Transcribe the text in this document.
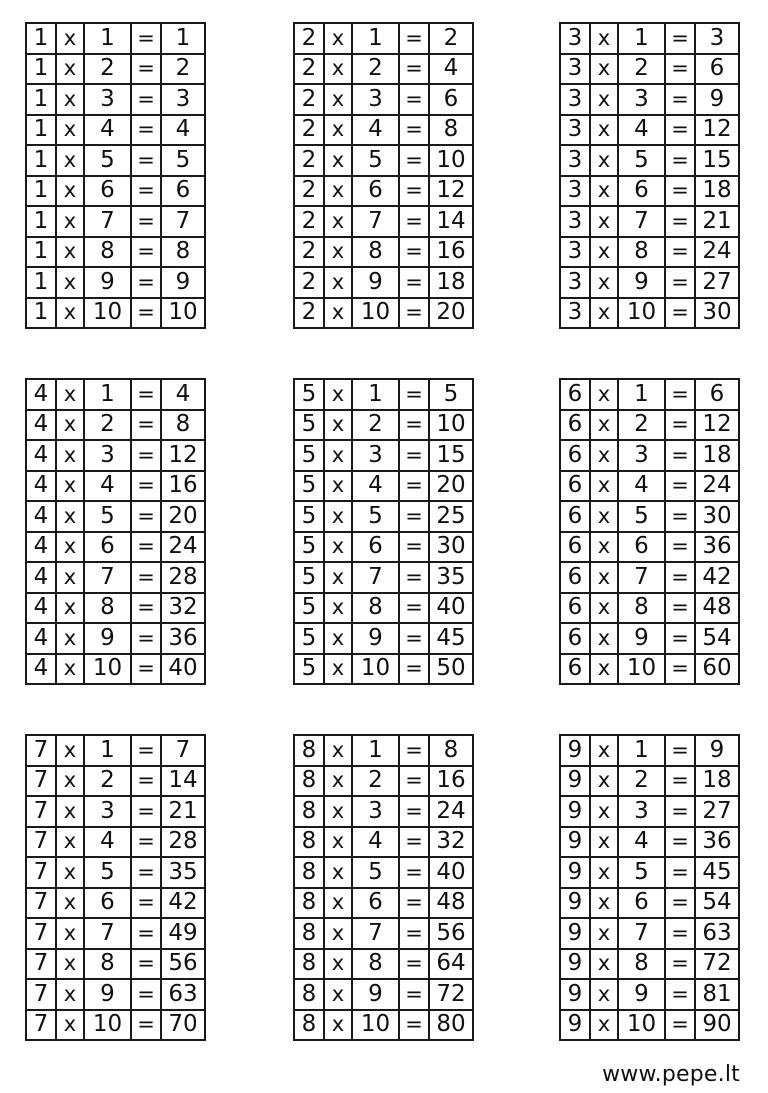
1	x	1	=	1
1	x	2	=	2
1	x	3	=	3
1	x	4	=	4
1	x	5	=	5
1	x	6	=	6
1	x	7	=	7
1	x	8	=	8
1	x	9	=	9
1	x	10	=	10
2	x	1	=	2
2	x	2	=	4
2	x	3	=	6
2	x	4	=	8
2	x	5	=	10
2	x	6	=	12
2	x	7	=	14
2	x	8	=	16
2	x	9	=	18
2	x	10	=	20
3	x	1	=	3
3	x	2	=	6
3	x	3	=	9
3	x	4	=	12
3	x	5	=	15
3	x	6	=	18
3	x	7	=	21
3	x	8	=	24
3	x	9	=	27
3	x	10	=	30
4	x	1	=	4
4	x	2	=	8
4	x	3	=	12
4	x	4	=	16
4	x	5	=	20
4	x	6	=	24
4	x	7	=	28
4	x	8	=	32
4	x	9	=	36
4	x	10	=	40
5	x	1	=	5
5	x	2	=	10
5	x	3	=	15
5	x	4	=	20
5	x	5	=	25
5	x	6	=	30
5	x	7	=	35
5	x	8	=	40
5	x	9	=	45
5	x	10	=	50
6	x	1	=	6
6	x	2	=	12
6	x	3	=	18
6	x	4	=	24
6	x	5	=	30
6	x	6	=	36
6	x	7	=	42
6	x	8	=	48
6	x	9	=	54
6	x	10	=	60
7	x	1	=	7
7	x	2	=	14
7	x	3	=	21
7	x	4	=	28
7	x	5	=	35
7	x	6	=	42
7	x	7	=	49
7	x	8	=	56
7	x	9	=	63
7	x	10	=	70
8	x	1	=	8
8	x	2	=	16
8	x	3	=	24
8	x	4	=	32
8	x	5	=	40
8	x	6	=	48
8	x	7	=	56
8	x	8	=	64
8	x	9	=	72
8	x	10	=	80
9	x	1	=	9
9	x	2	=	18
9	x	3	=	27
9	x	4	=	36
9	x	5	=	45
9	x	6	=	54
9	x	7	=	63
9	x	8	=	72
9	x	9	=	81
9	x	10	=	90
www.pepe.lt
